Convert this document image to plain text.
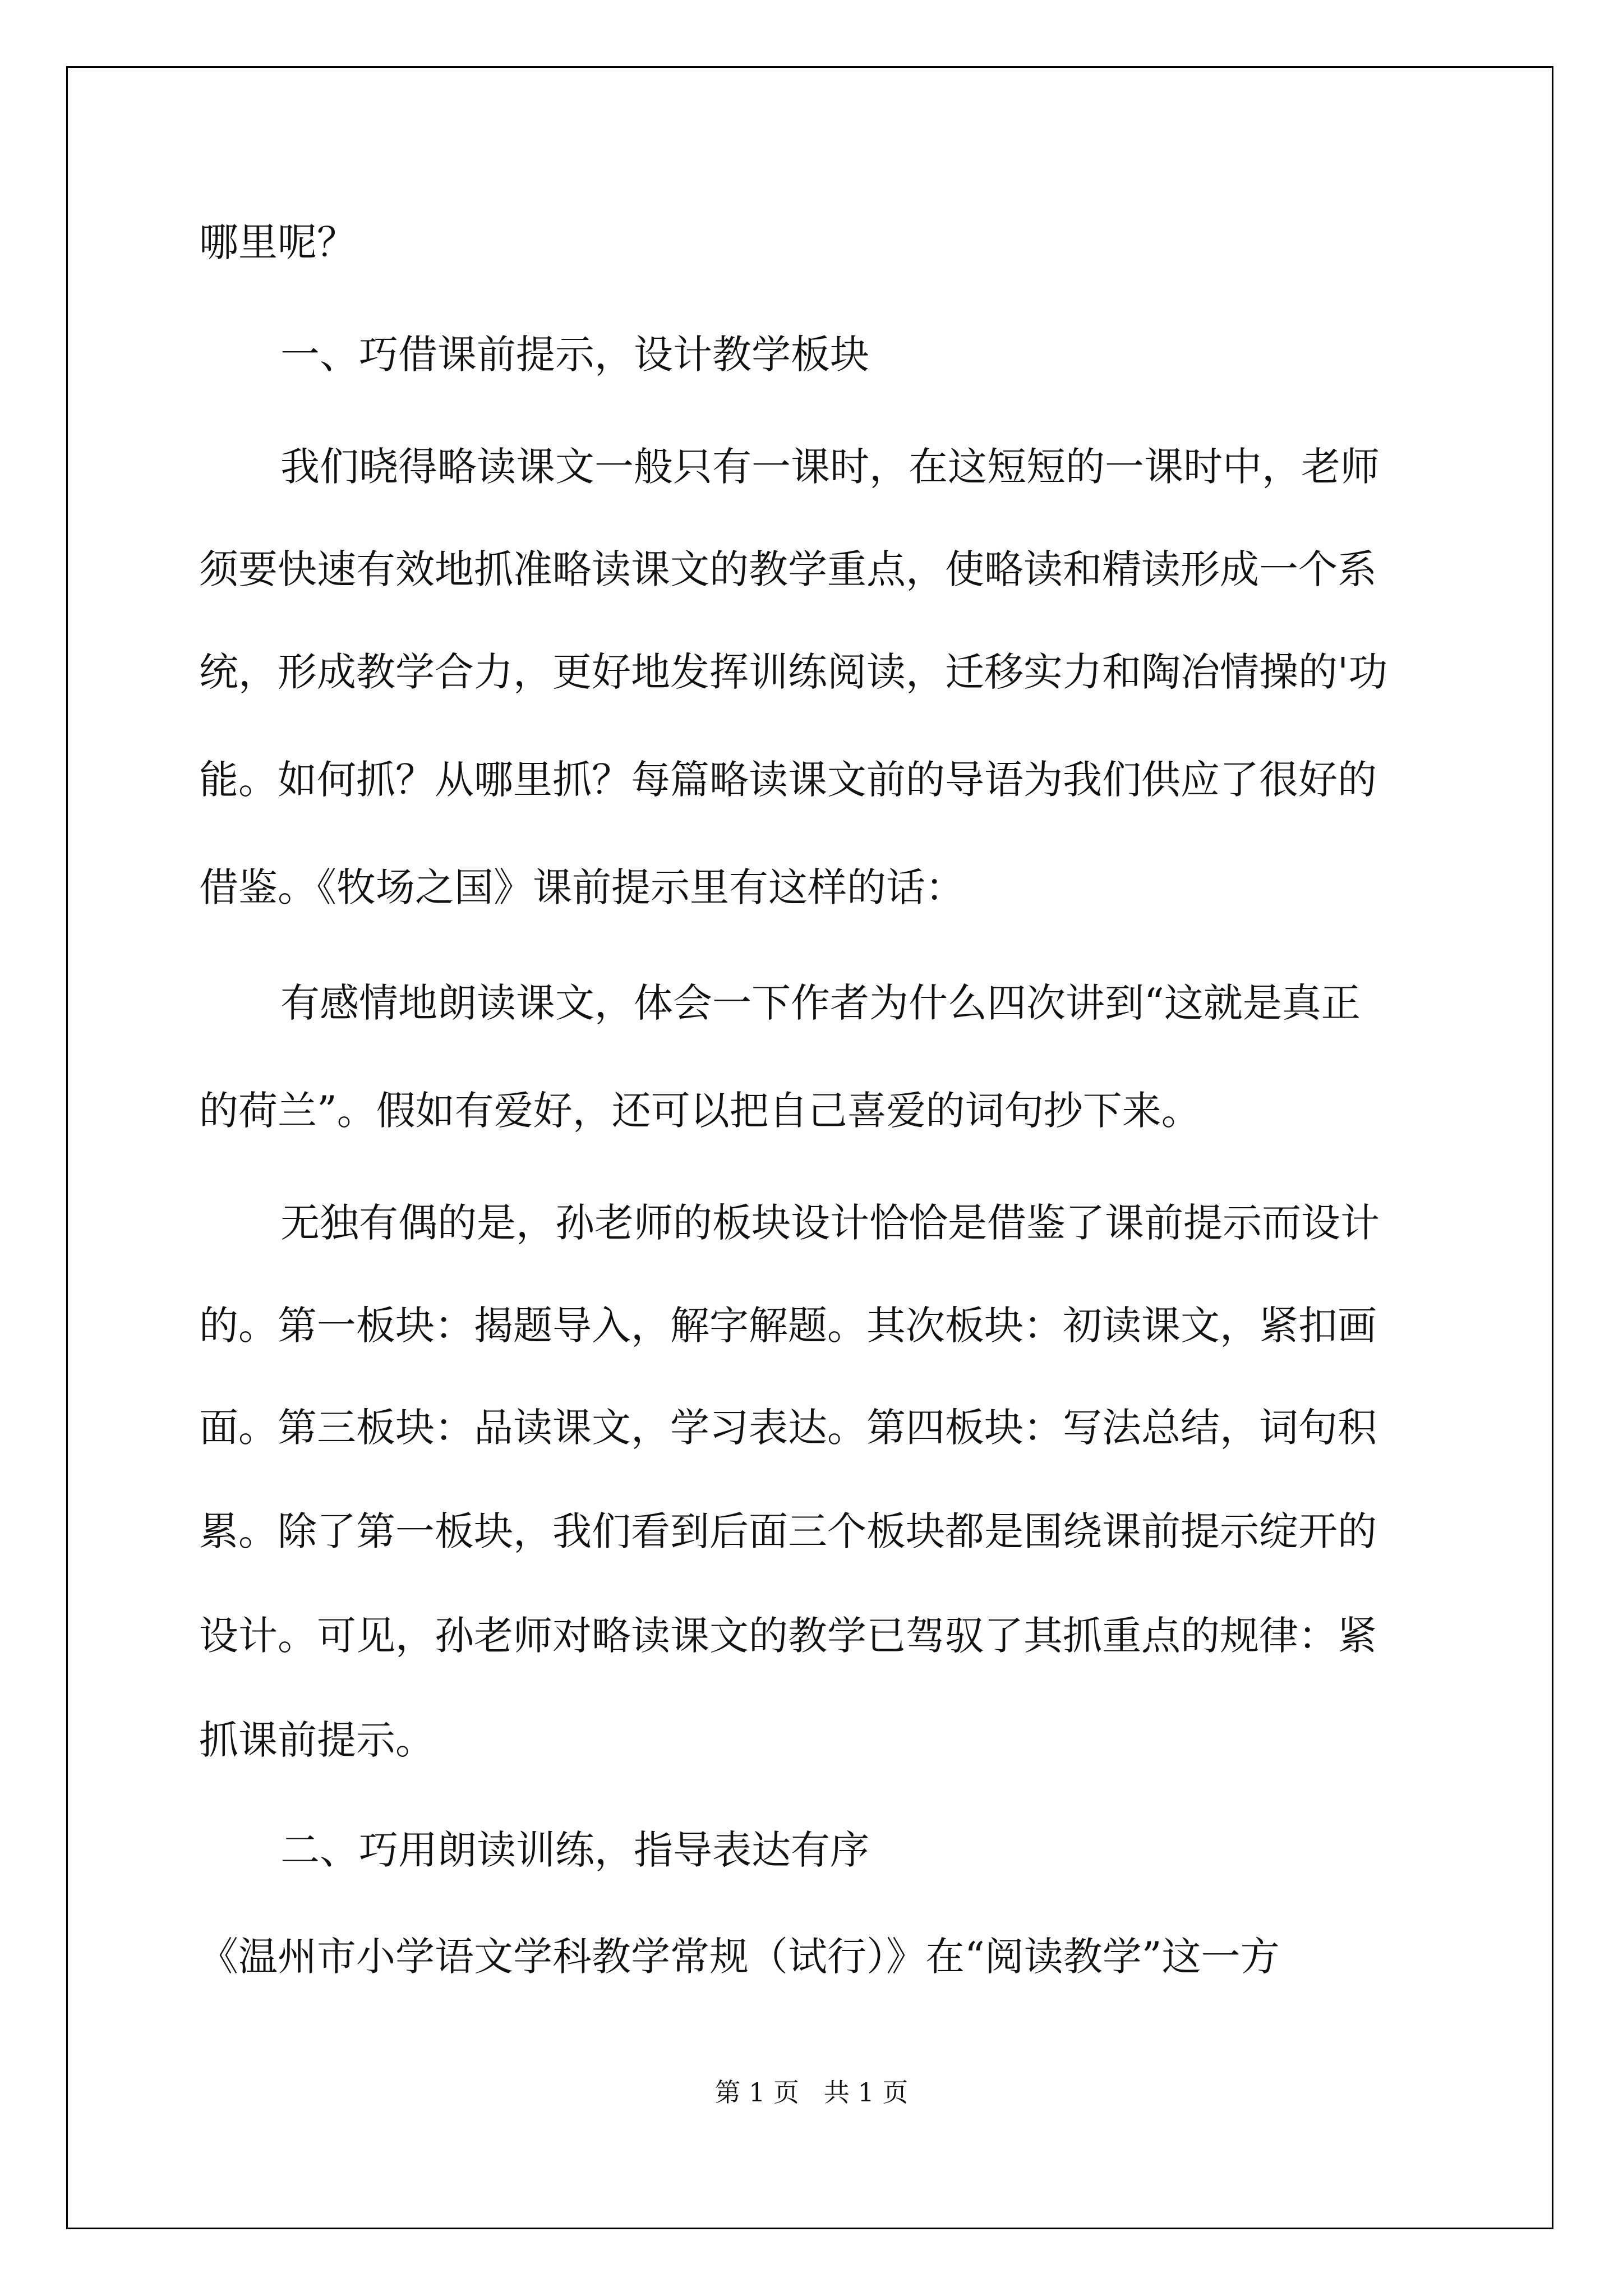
哪里呢？

一、巧借课前提示，设计教学板块

我们晓得略读课文一般只有一课时，在这短短的一课时中，老师

须要快速有效地抓准略读课文的教学重点，使略读和精读形成一个系

统，形成教学合力，更好地发挥训练阅读，迁移实力和陶冶情操的'功

能。如何抓？从哪里抓？每篇略读课文前的导语为我们供应了很好的

借鉴。《牧场之国》课前提示里有这样的话：

有感情地朗读课文，体会一下作者为什么四次讲到“这就是真正

的荷兰”。假如有爱好，还可以把自己喜爱的词句抄下来。

无独有偶的是，孙老师的板块设计恰恰是借鉴了课前提示而设计

的。第一板块：揭题导入，解字解题。其次板块：初读课文，紧扣画

面。第三板块：品读课文，学习表达。第四板块：写法总结，词句积

累。除了第一板块，我们看到后面三个板块都是围绕课前提示绽开的

设计。可见，孙老师对略读课文的教学已驾驭了其抓重点的规律：紧

抓课前提示。

二、巧用朗读训练，指导表达有序

《温州市小学语文学科教学常规（试行）》在“阅读教学”这一方

第 1 页   共 1 页
